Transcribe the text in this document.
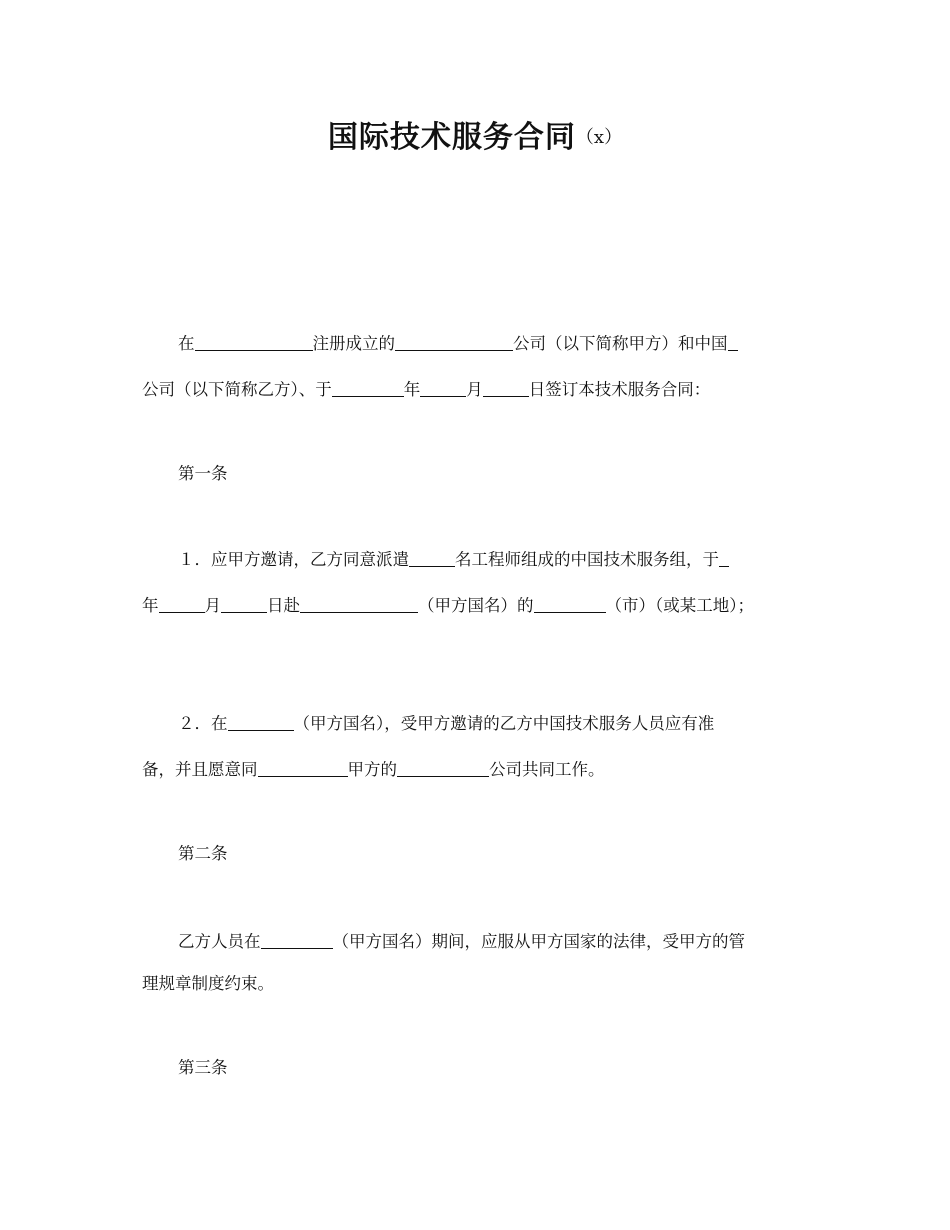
国际技术服务合同（x）
在	注册成立的	公司（以下简称甲方）和中国
公司（以下简称乙方）、于	年	月	日签订本技术服务合同：
第一条
１．应甲方邀请，乙方同意派遣	名工程师组成的中国技术服务组，于
年	月	日赴	（甲方国名）的	（市）（或某工地）；
２．在	（甲方国名），受甲方邀请的乙方中国技术服务人员应有准
备，并且愿意同	甲方的	公司共同工作。
第二条
乙方人员在	（甲方国名）期间，应服从甲方国家的法律，受甲方的管
理规章制度约束。
第三条
